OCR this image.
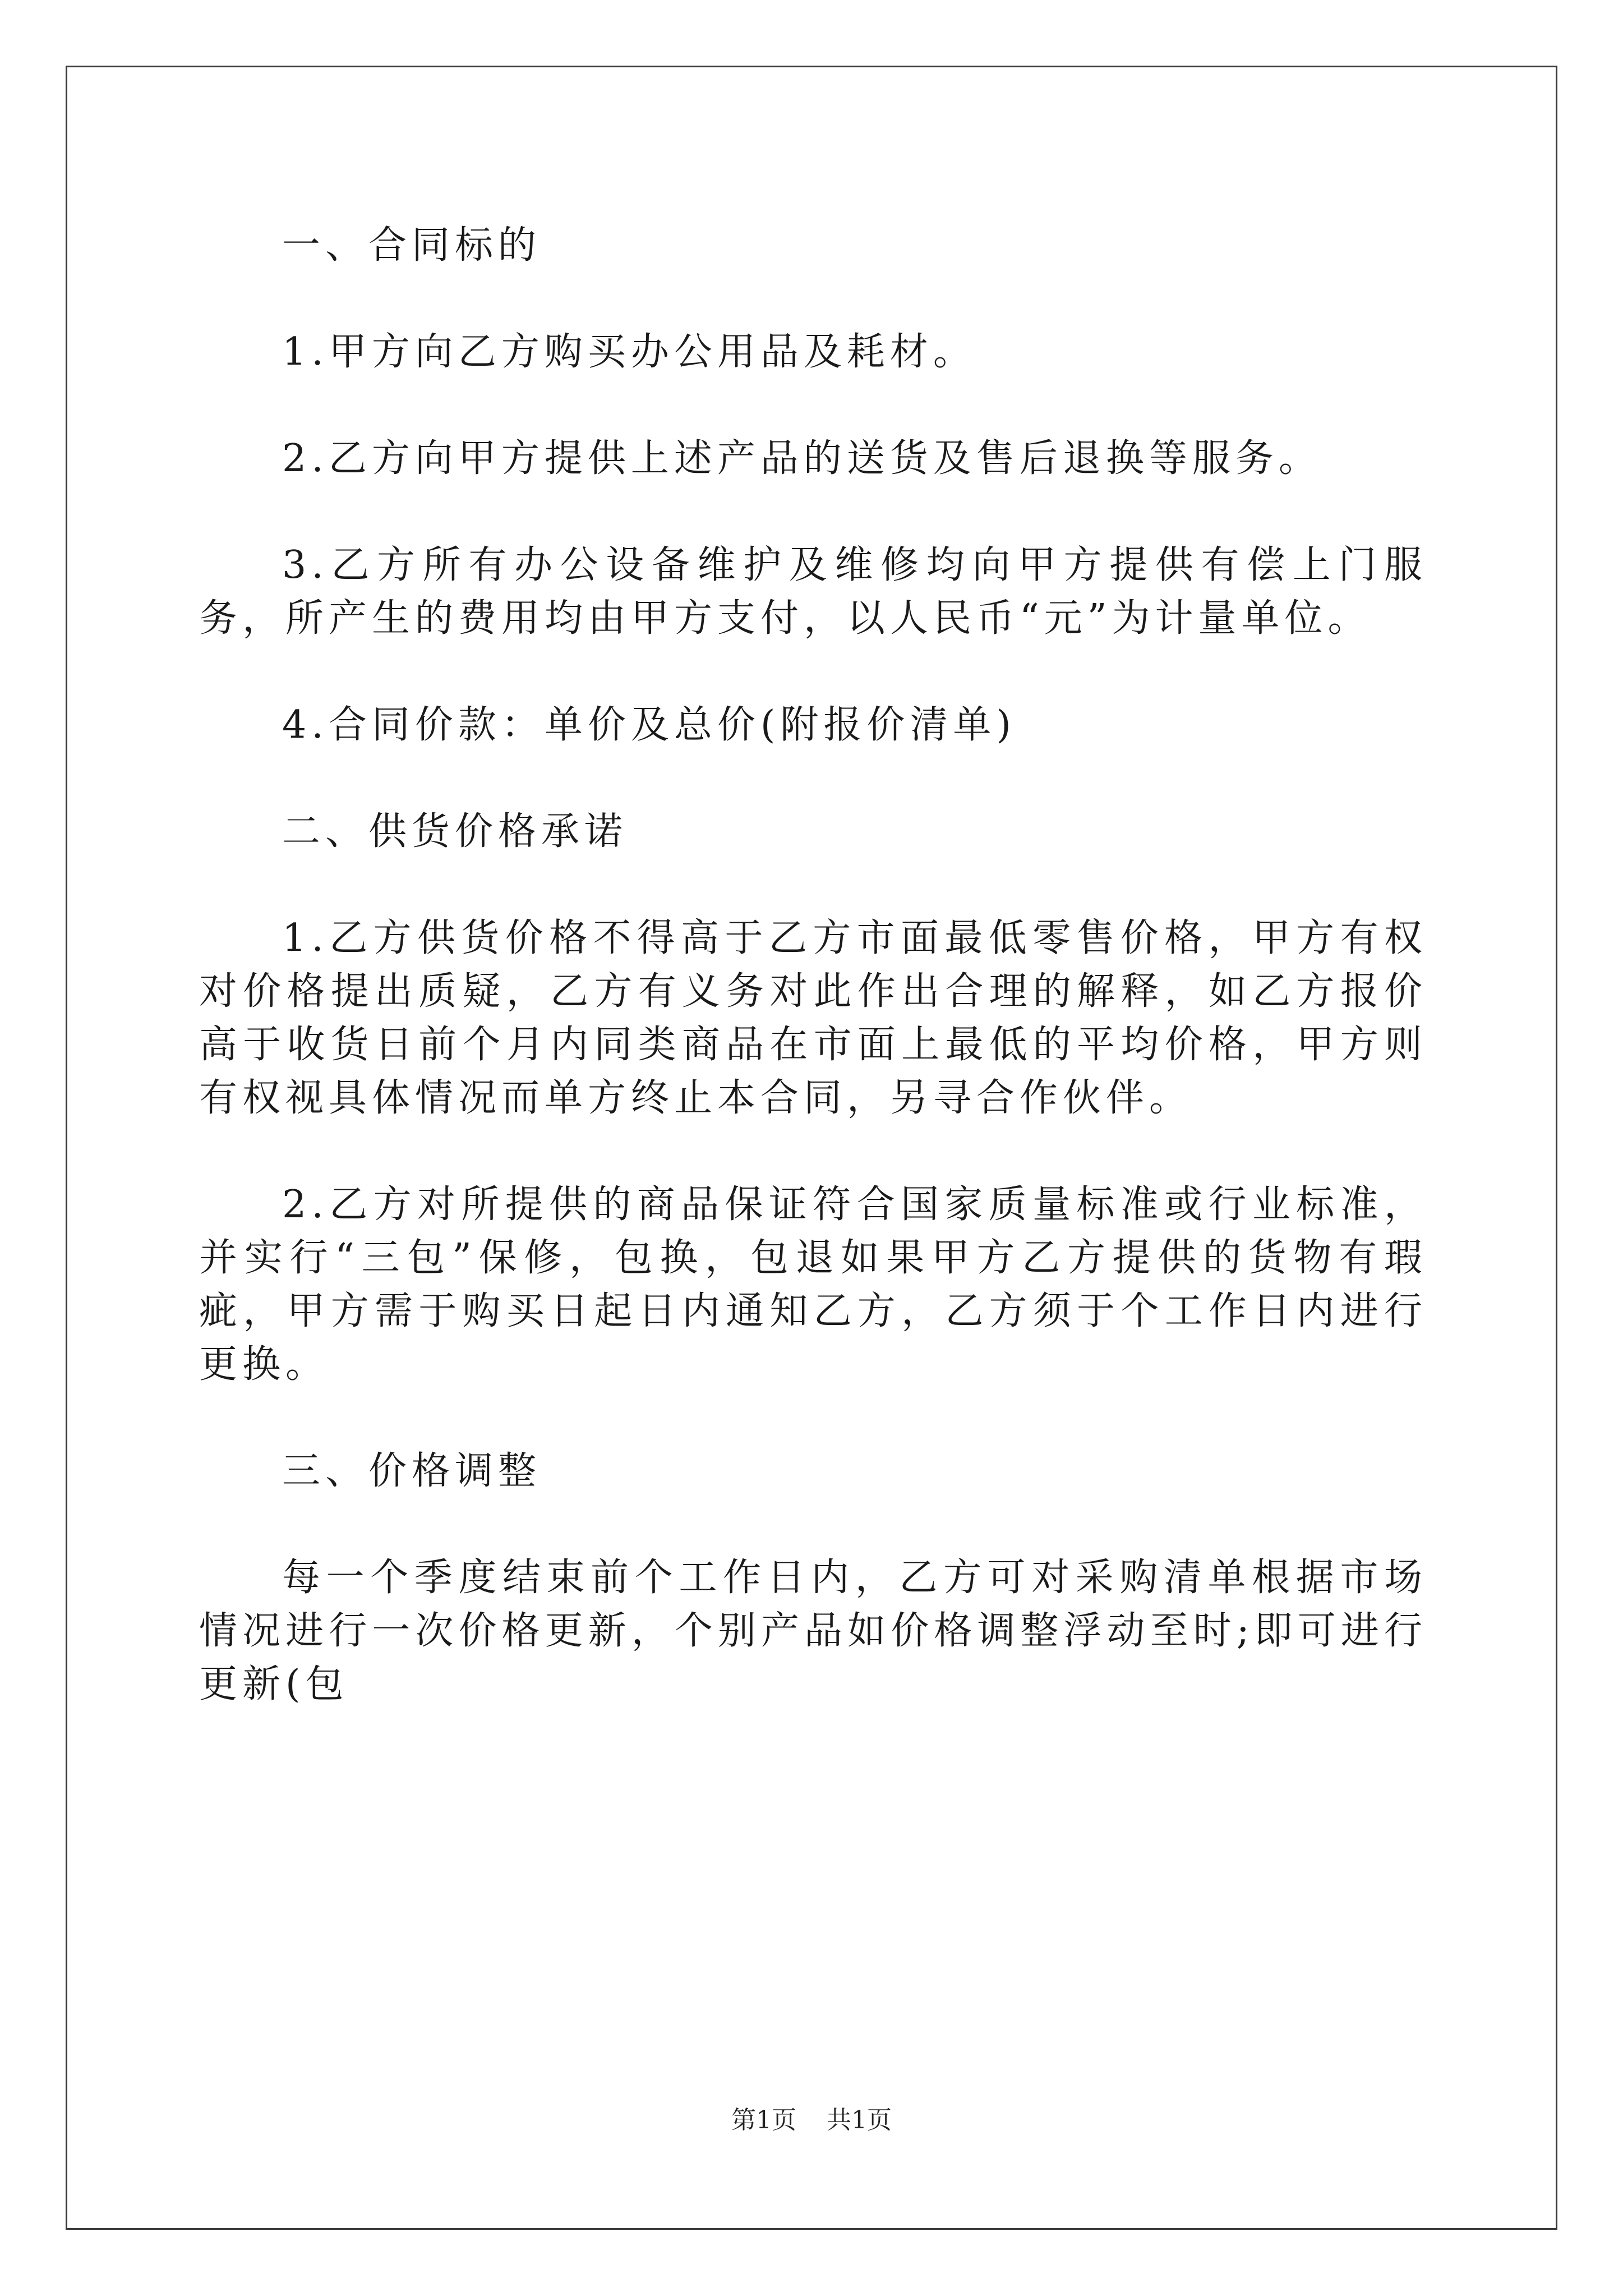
一、合同标的

1.甲方向乙方购买办公用品及耗材。

2.乙方向甲方提供上述产品的送货及售后退换等服务。

3.乙方所有办公设备维护及维修均向甲方提供有偿上门服务，所产生的费用均由甲方支付，以人民币“元”为计量单位。

4.合同价款：单价及总价(附报价清单)

二、供货价格承诺

1.乙方供货价格不得高于乙方市面最低零售价格，甲方有权对价格提出质疑，乙方有义务对此作出合理的解释，如乙方报价高于收货日前个月内同类商品在市面上最低的平均价格，甲方则有权视具体情况而单方终止本合同，另寻合作伙伴。

2.乙方对所提供的商品保证符合国家质量标准或行业标准，并实行“三包”保修，包换，包退如果甲方乙方提供的货物有瑕疵，甲方需于购买日起日内通知乙方，乙方须于个工作日内进行更换。

三、价格调整

每一个季度结束前个工作日内，乙方可对采购清单根据市场情况进行一次价格更新，个别产品如价格调整浮动至时;即可进行更新(包

第1页 共1页
